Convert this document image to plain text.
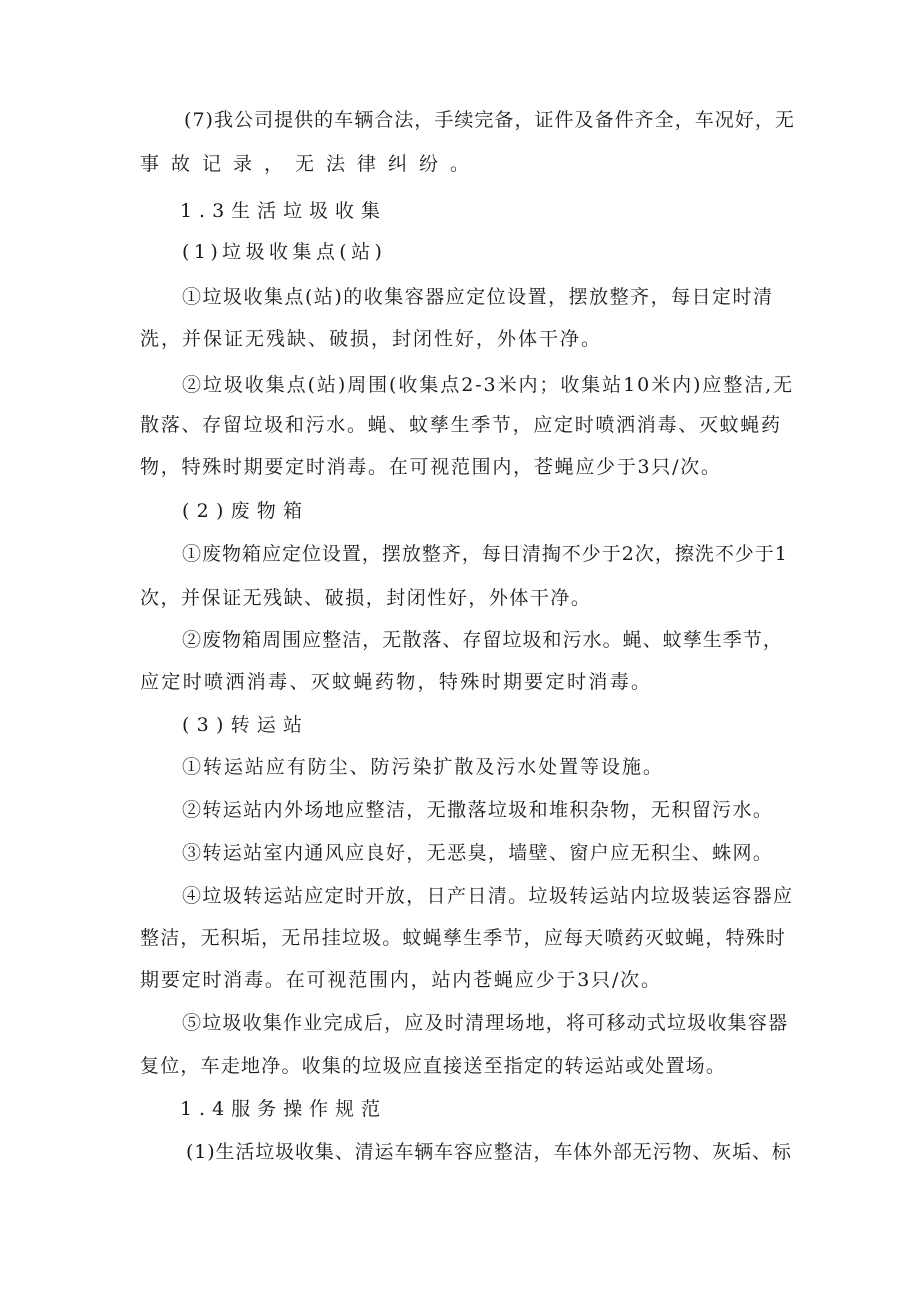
(7)我公司提供的车辆合法，手续完备，证件及备件齐全，车况好，无
事故记录，无法律纠纷。
1.3生活垃圾收集
(1)垃圾收集点(站)
①垃圾收集点(站)的收集容器应定位设置，摆放整齐，每日定时清
洗，并保证无残缺、破损，封闭性好，外体干净。
②垃圾收集点(站)周围(收集点2-3米内；收集站10米内)应整洁,无
散落、存留垃圾和污水。蝇、蚊孳生季节，应定时喷洒消毒、灭蚊蝇药
物，特殊时期要定时消毒。在可视范围内，苍蝇应少于3只/次。
(2)废物箱
①废物箱应定位设置，摆放整齐，每日清掏不少于2次，擦洗不少于1
次，并保证无残缺、破损，封闭性好，外体干净。
②废物箱周围应整洁，无散落、存留垃圾和污水。蝇、蚊孳生季节，
应定时喷洒消毒、灭蚊蝇药物，特殊时期要定时消毒。
(3)转运站
①转运站应有防尘、防污染扩散及污水处置等设施。
②转运站内外场地应整洁，无撒落垃圾和堆积杂物，无积留污水。
③转运站室内通风应良好，无恶臭，墙壁、窗户应无积尘、蛛网。
④垃圾转运站应定时开放，日产日清。垃圾转运站内垃圾装运容器应
整洁，无积垢，无吊挂垃圾。蚊蝇孳生季节，应每天喷药灭蚊蝇，特殊时
期要定时消毒。在可视范围内，站内苍蝇应少于3只/次。
⑤垃圾收集作业完成后，应及时清理场地，将可移动式垃圾收集容器
复位，车走地净。收集的垃圾应直接送至指定的转运站或处置场。
1.4服务操作规范
(1)生活垃圾收集、清运车辆车容应整洁，车体外部无污物、灰垢、标
